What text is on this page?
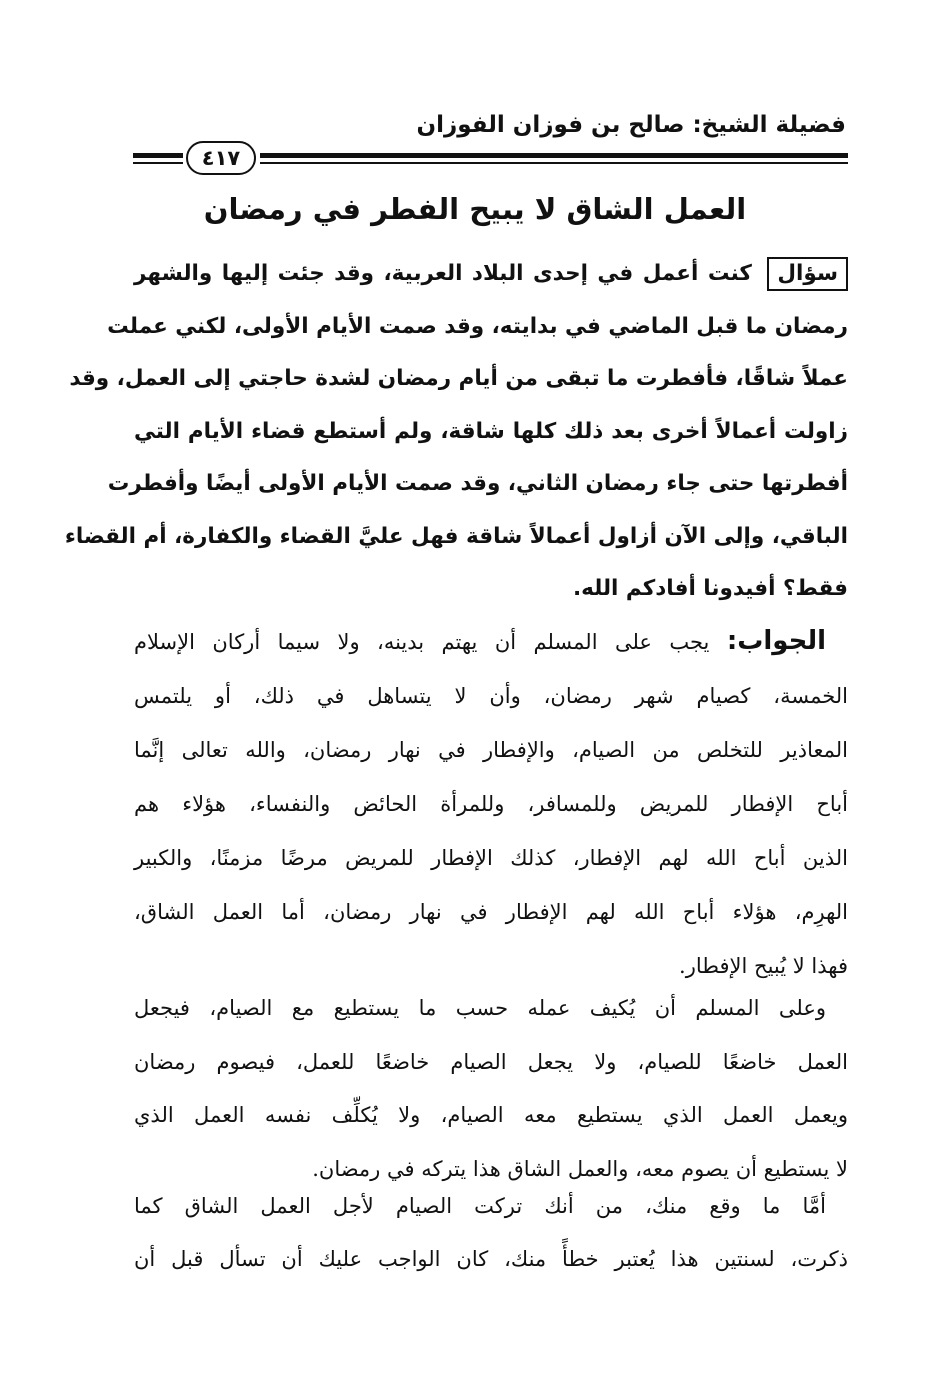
فضيلة الشيخ: صالح بن فوزان الفوزان
٤١٧
العمل الشاق لا يبيح الفطر في رمضان
سؤال كنت أعمل في إحدى البلاد العربية، وقد جئت إليها والشهر
رمضان ما قبل الماضي في بدايته، وقد صمت الأيام الأولى، لكني عملت
عملاً شاقًا، فأفطرت ما تبقى من أيام رمضان لشدة حاجتي إلى العمل، وقد
زاولت أعمالاً أخرى بعد ذلك كلها شاقة، ولم أستطع قضاء الأيام التي
أفطرتها حتى جاء رمضان الثاني، وقد صمت الأيام الأولى أيضًا وأفطرت
الباقي، وإلى الآن أزاول أعمالاً شاقة فهل عليَّ القضاء والكفارة، أم القضاء
فقط؟ أفيدونا أفادكم الله.
الجواب: يجب على المسلم أن يهتم بدينه، ولا سيما أركان الإسلام
الخمسة، كصيام شهر رمضان، وأن لا يتساهل في ذلك، أو يلتمس
المعاذير للتخلص من الصيام، والإفطار في نهار رمضان، والله تعالى إنَّما
أباح الإفطار للمريض وللمسافر، وللمرأة الحائض والنفساء، هؤلاء هم
الذين أباح الله لهم الإفطار، كذلك الإفطار للمريض مرضًا مزمنًا، والكبير
الهرِم، هؤلاء أباح الله لهم الإفطار في نهار رمضان، أما العمل الشاق،
فهذا لا يُبيح الإفطار.
وعلى المسلم أن يُكيف عمله حسب ما يستطيع مع الصيام، فيجعل
العمل خاضعًا للصيام، ولا يجعل الصيام خاضعًا للعمل، فيصوم رمضان
ويعمل العمل الذي يستطيع معه الصيام، ولا يُكلِّف نفسه العمل الذي
لا يستطيع أن يصوم معه، والعمل الشاق هذا يتركه في رمضان.
أمَّا ما وقع منك، من أنك تركت الصيام لأجل العمل الشاق كما
ذكرت، لسنتين هذا يُعتبر خطأً منك، كان الواجب عليك أن تسأل قبل أن
